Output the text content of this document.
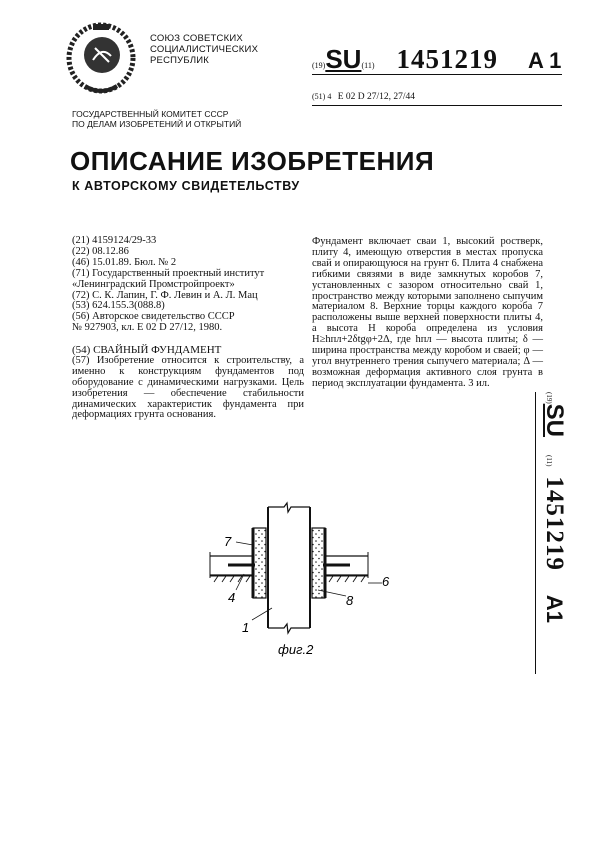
СОЮЗ СОВЕТСКИХ
СОЦИАЛИСТИЧЕСКИХ
РЕСПУБЛИК	(19)SU(11) 1451219 A 1
(51) 4 E 02 D 27/12, 27/44
ГОСУДАРСТВЕННЫЙ КОМИТЕТ СССР
ПО ДЕЛАМ ИЗОБРЕТЕНИЙ И ОТКРЫТИЙ
ОПИСАНИЕ ИЗОБРЕТЕНИЯ
К АВТОРСКОМУ СВИДЕТЕЛЬСТВУ
(21) 4159124/29-33
(22) 08.12.86
(46) 15.01.89. Бюл. № 2
(71) Государственный проектный институт
«Ленинградский Промстройпроект»
(72) С. К. Лапин, Г. Ф. Левин и А. Л. Мац
(53) 624.155.3(088.8)
(56) Авторское свидетельство СССР
№ 927903, кл. E 02 D 27/12, 1980.
(54) СВАЙНЫЙ ФУНДАМЕНТ
(57) Изобретение относится к строительству, а именно к конструкциям фундаментов под оборудование с динамическими нагрузками. Цель изобретения — обеспечение стабильности динамических характеристик фундамента при деформациях грунта основания.
Фундамент включает сваи 1, высокий ростверк, плиту 4, имеющую отверстия в местах пропуска свай и опирающуюся на грунт 6. Плита 4 снабжена гибкими связями в виде замкнутых коробов 7, установленных с зазором относительно свай 1, пространство между которыми заполнено сыпучим материалом 8. Верхние торцы каждого короба 7 расположены выше верхней поверхности плиты 4, а высота H короба определена из условия H≥hпл+2δtgφ+2Δ, где hпл — высота плиты; δ — ширина пространства между коробом и сваей; φ — угол внутреннего трения сыпучего материала; Δ — возможная деформация активного слоя грунта в период эксплуатации фундамента. 3 ил.
(19)SU (11) 1451219 A1
7
4
1
8
6
фиг.2
